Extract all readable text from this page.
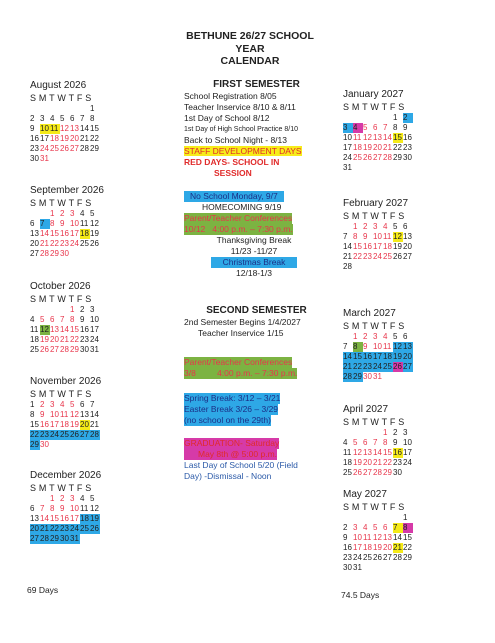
BETHUNE 26/27 SCHOOL
YEAR
CALENDAR
August 2026
S M T W T F S
1
2 3 4 5 6 7 8
9 1011 12131415
16171819202122
23242526272829
3031
September 2026
S M T W T F S
1 2 3 4 5
6 7 8 9 1011 12
13141516171819
20212223242526
27282930
October 2026
S M T W T F S
1 2 3
4 5 6 7 8 9 10
11 121314151617
18192021222324
25262728293031
November 2026
S M T W T F S
1 2 3 4 5 6 7
8 9 1011 121314
15161718192021
22232425262728
2930
December 2026
S M T W T F S
1 2 3 4 5
6 7 8 9 1011 12
13141516171819
20212223242526
2728293031
January 2027
S M T W T F S
1 2
3 4 5 6 7 8 9
1011 1213141516
17181920212223
24252627282930
31
February 2027
S M T W T F S
1 2 3 4 5 6
7 8 9 1011 1213
14151617181920
21222324252627
28
March 2027
S M T W T F S
1 2 3 4 5 6
7 8 9 1011 1213
14151617181920
21222324252627
28293031
April 2027
S M T W T F S
1 2 3
4 5 6 7 8 9 10
11 121314151617
18192021222324
252627282930
May 2027
S M T W T F S
1
2 3 4 5 6 7 8
9 1011 12131415
16171819202122
23242526272829
3031
FIRST SEMESTER
School Registration 8/05
Teacher Inservice 8/10 & 8/11
1st Day of School 8/12
1st Day of High School Practice 8/10
Back to School Night - 8/13
STAFF DEVELOPMENT DAYS
RED DAYS- SCHOOL IN
SESSION
No School Monday, 9/7
HOMECOMING 9/19
Parent/Teacher Conferences
10/12   4:00 p.m. – 7:30 p.m.
Thanksgiving Break
11/23 -11/27
Christmas Break
12/18-1/3
SECOND SEMESTER
2nd Semester Begins 1/4/2027
Teacher Inservice 1/15
Parent/Teacher Conferences
3/8         4:00 p.m. – 7:30 p.m.
Spring Break: 3/12 – 3/21
Easter Break 3/26 – 3/29
(no school on the 29th)
GRADUATION- Saturday
May 8th @ 5:00 p.m.
Last Day of School 5/20 (Field
Day) -Dismissal - Noon
69 Days	74.5 Days
